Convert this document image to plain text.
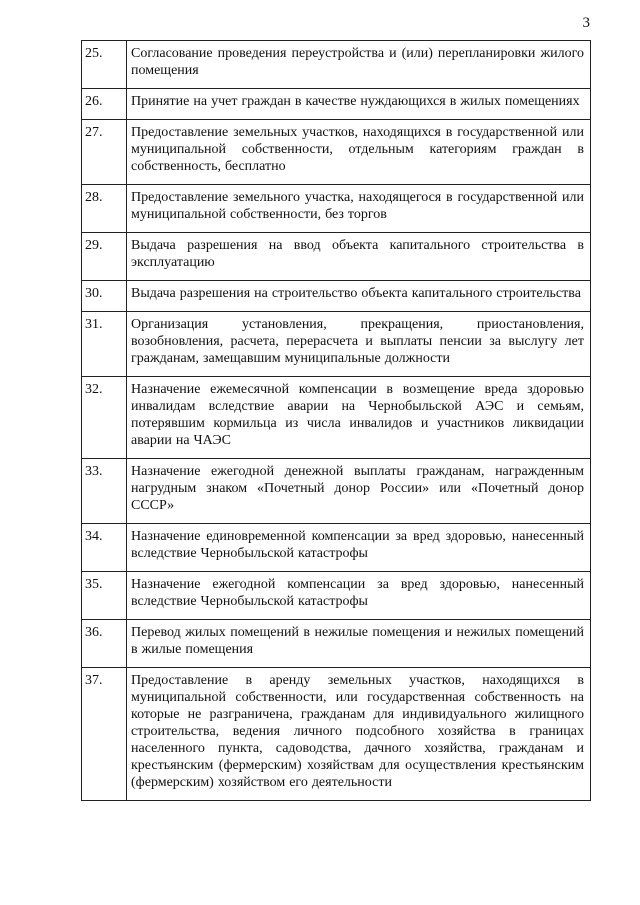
3
25.	Согласование проведения переустройства и (или) перепланировки жилого помещения
26.	Принятие на учет граждан в качестве нуждающихся в жилых помещениях
27.	Предоставление земельных участков, находящихся в государственной или муниципальной собственности, отдельным категориям граждан в собственность, бесплатно
28.	Предоставление земельного участка, находящегося в государственной или муниципальной собственности, без торгов
29.	Выдача разрешения на ввод объекта капитального строительства в эксплуатацию
30.	Выдача разрешения на строительство объекта капитального строительства
31.	Организация установления, прекращения, приостановления, возобновления, расчета, перерасчета и выплаты пенсии за выслугу лет гражданам, замещавшим муниципальные должности
32.	Назначение ежемесячной компенсации в возмещение вреда здоровью инвалидам вследствие аварии на Чернобыльской АЭС и семьям, потерявшим кормильца из числа инвалидов и участников ликвидации аварии на ЧАЭС
33.	Назначение ежегодной денежной выплаты гражданам, награжденным нагрудным знаком «Почетный донор России» или «Почетный донор СССР»
34.	Назначение единовременной компенсации за вред здоровью, нанесенный вследствие Чернобыльской катастрофы
35.	Назначение ежегодной компенсации за вред здоровью, нанесенный вследствие Чернобыльской катастрофы
36.	Перевод жилых помещений в нежилые помещения и нежилых помещений в жилые помещения
37.	Предоставление в аренду земельных участков, находящихся в муниципальной собственности, или государственная собственность на которые не разграничена, гражданам для индивидуального жилищного строительства, ведения личного подсобного хозяйства в границах населенного пункта, садоводства, дачного хозяйства, гражданам и крестьянским (фермерским) хозяйствам для осуществления крестьянским (фермерским) хозяйством его деятельности
